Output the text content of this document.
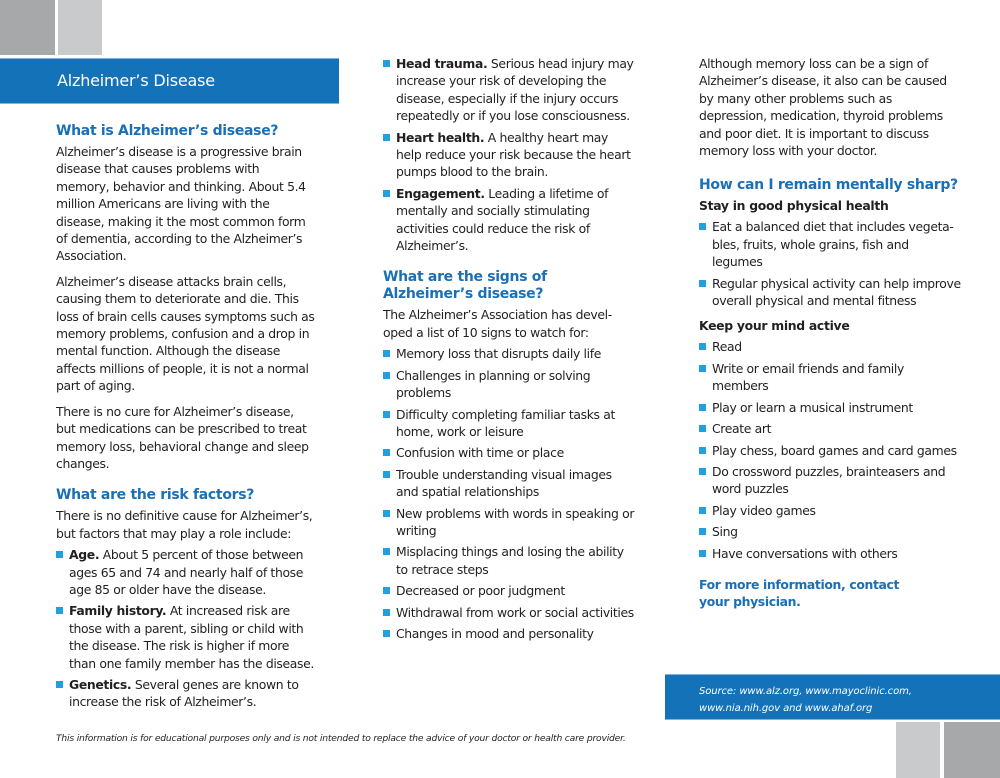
Alzheimer’s Disease
What is Alzheimer’s disease?

Alzheimer’s disease is a progressive brain disease that causes problems with memory, behavior and thinking. About 5.4 million Americans are living with the disease, making it the most common form of dementia, according to the Alzheimer’s Association.

Alzheimer’s disease attacks brain cells, causing them to deteriorate and die. This loss of brain cells causes symptoms such as memory problems, confusion and a drop in mental function. Although the disease affects millions of people, it is not a normal part of aging.

There is no cure for Alzheimer’s disease, but medications can be prescribed to treat memory loss, behavioral change and sleep changes.

What are the risk factors?

There is no definitive cause for Alzheimer’s, but factors that may play a role include:

Age. About 5 percent of those between ages 65 and 74 and nearly half of those age 85 or older have the disease.
Family history. At increased risk are those with a parent, sibling or child with the disease. The risk is higher if more than one family member has the disease.
Genetics. Several genes are known to increase the risk of Alzheimer’s.
Head trauma. Serious head injury may increase your risk of developing the disease, especially if the injury occurs repeatedly or if you lose consciousness.
Heart health. A healthy heart may help reduce your risk because the heart pumps blood to the brain.
Engagement. Leading a lifetime of mentally and socially stimulating activities could reduce the risk of Alzheimer’s.
What are the signs of
Alzheimer’s disease?

The Alzheimer’s Association has devel-oped a list of 10 signs to watch for:

Memory loss that disrupts daily life
Challenges in planning or solving problems
Difficulty completing familiar tasks at home, work or leisure
Confusion with time or place
Trouble understanding visual images and spatial relationships
New problems with words in speaking or writing
Misplacing things and losing the ability to retrace steps
Decreased or poor judgment
Withdrawal from work or social activities
Changes in mood and personality

Although memory loss can be a sign of Alzheimer’s disease, it also can be caused by many other problems such as depression, medication, thyroid problems and poor diet. It is important to discuss memory loss with your doctor.

How can I remain mentally sharp?
Stay in good physical health
Eat a balanced diet that includes vegeta-bles, fruits, whole grains, fish and legumes
Regular physical activity can help improve overall physical and mental fitness
Keep your mind active
Read
Write or email friends and family members
Play or learn a musical instrument
Create art
Play chess, board games and card games
Do crossword puzzles, brainteasers and word puzzles
Play video games
Sing
Have conversations with others
For more information, contact
your physician.
Source: www.alz.org, www.mayoclinic.com,
www.nia.nih.gov and www.ahaf.org
This information is for educational purposes only and is not intended to replace the advice of your doctor or health care provider.
